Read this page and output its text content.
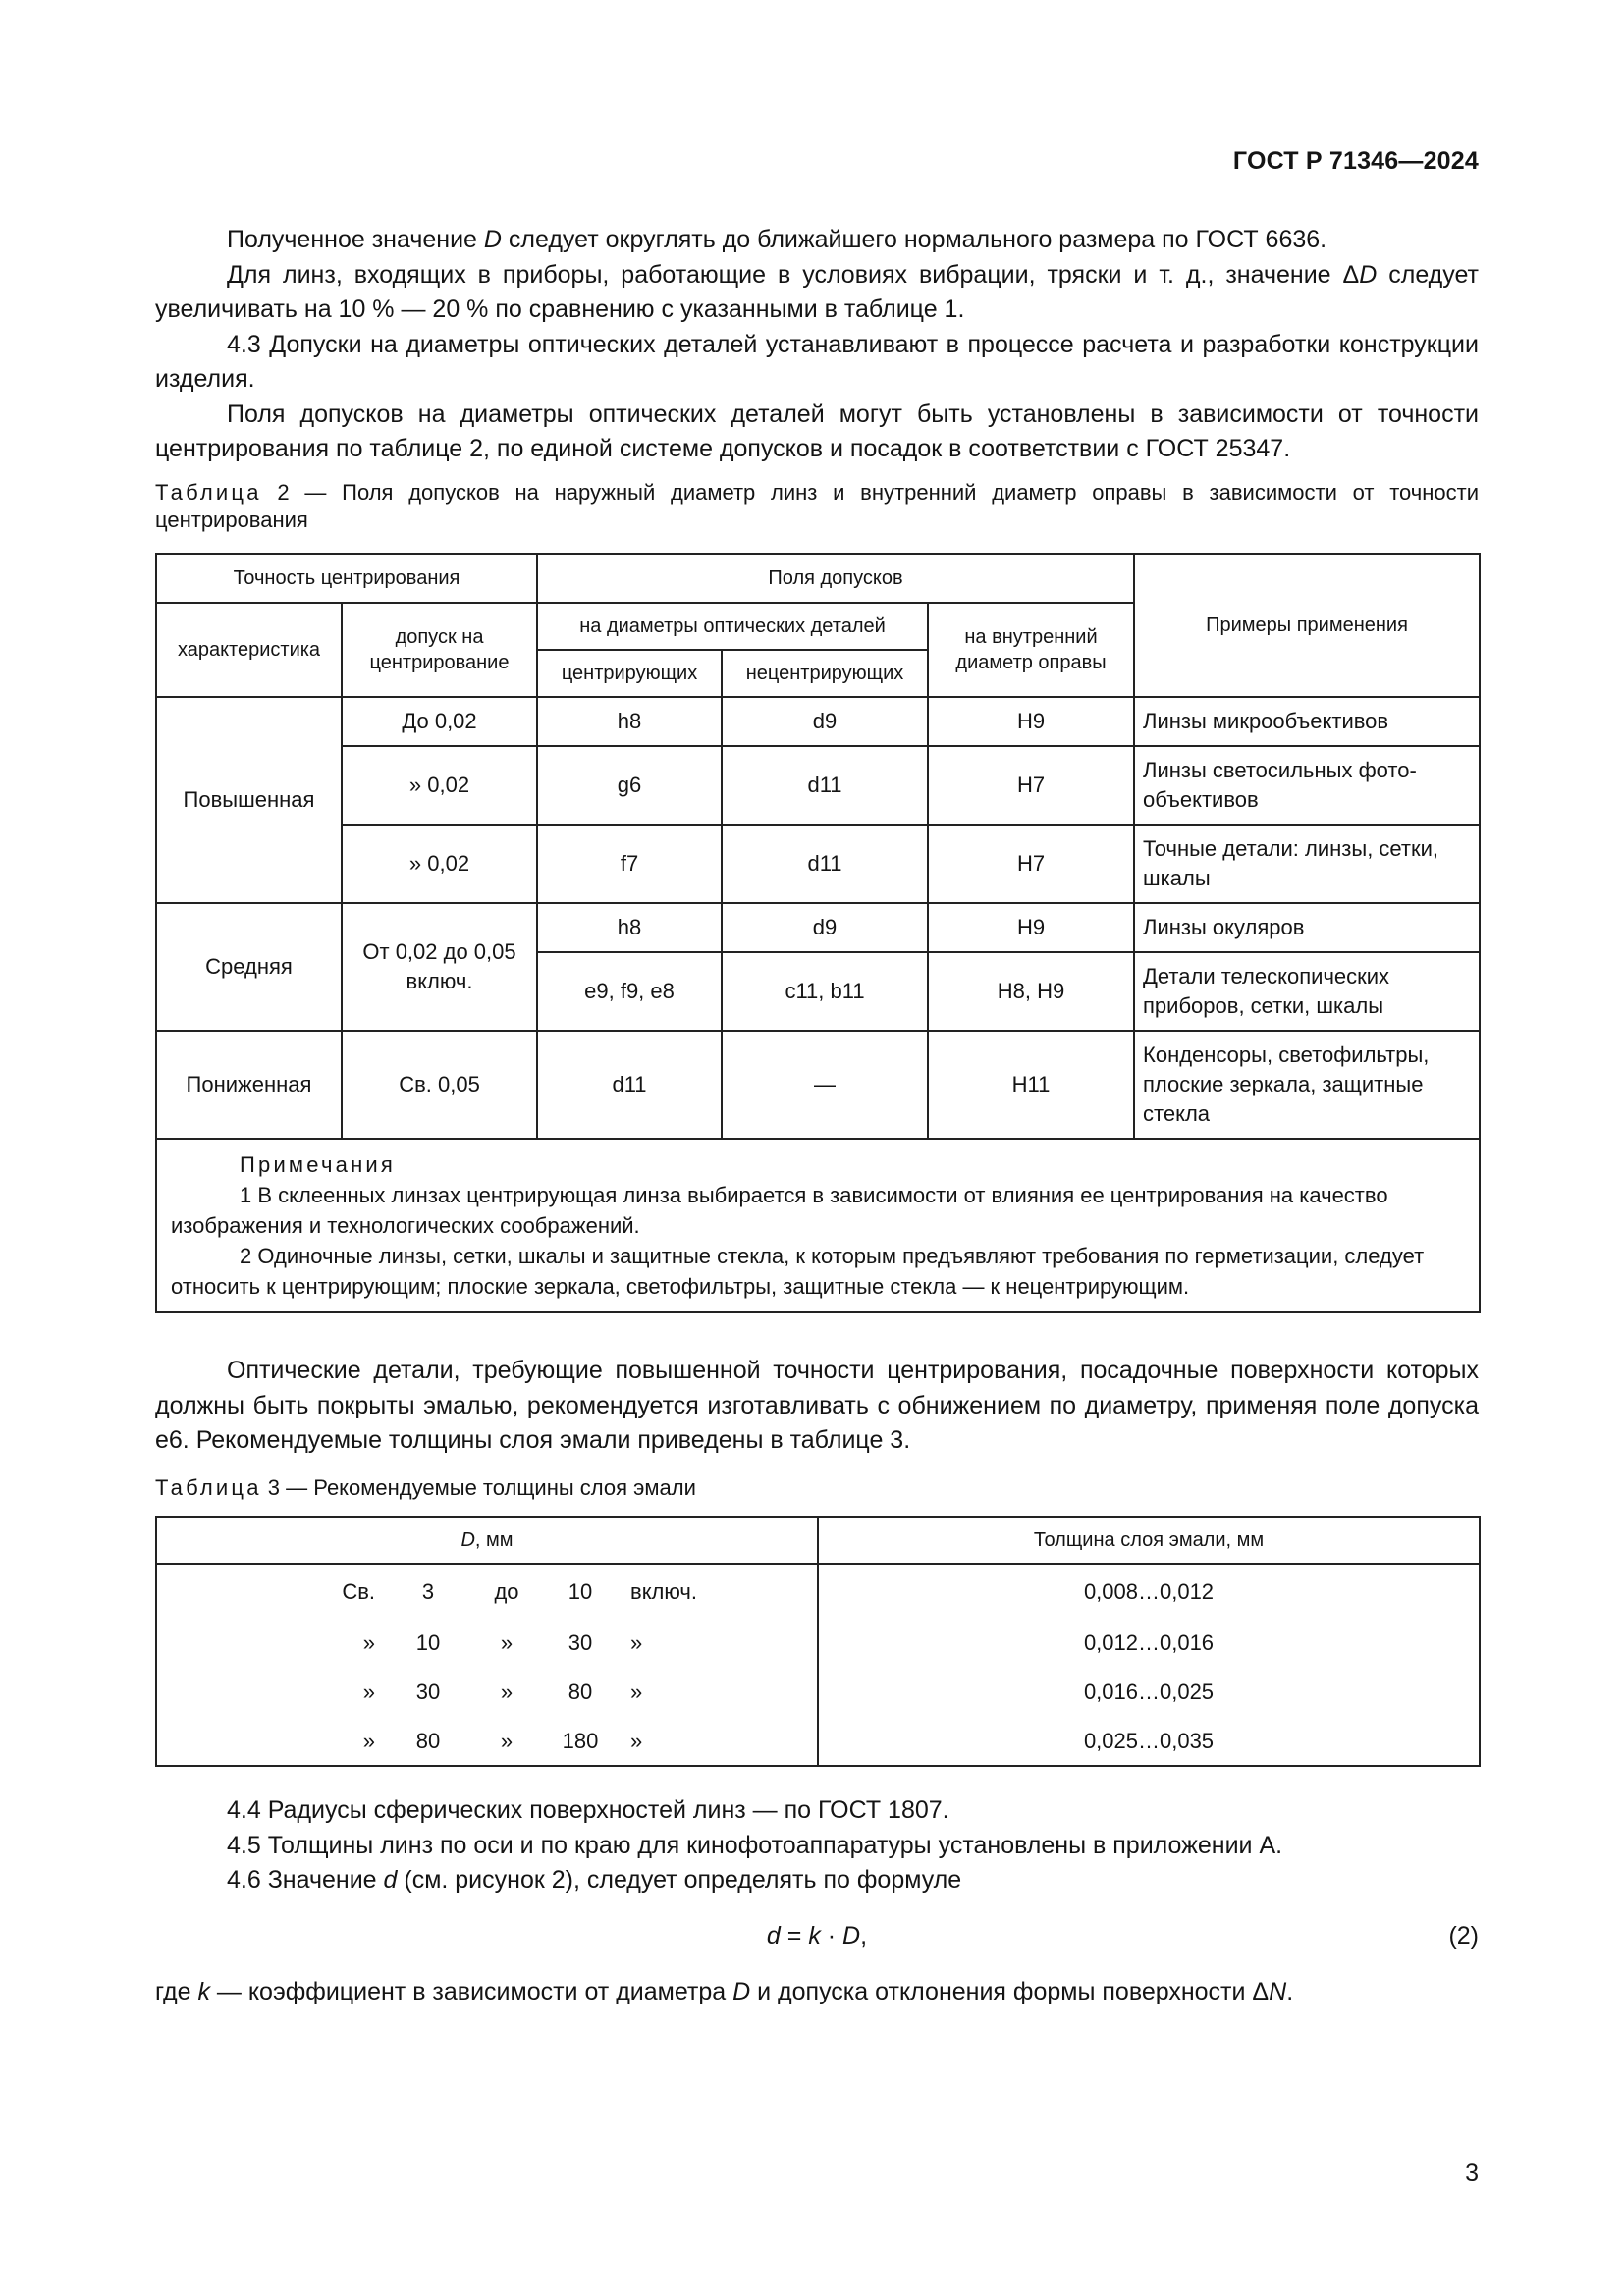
ГОСТ Р 71346—2024

Полученное значение D следует округлять до ближайшего нормального размера по ГОСТ 6636.

Для линз, входящих в приборы, работающие в условиях вибрации, тряски и т. д., значение ΔD следует увеличивать на 10 % — 20 % по сравнению с указанными в таблице 1.

4.3 Допуски на диаметры оптических деталей устанавливают в процессе расчета и разработки конструкции изделия.

Поля допусков на диаметры оптических деталей могут быть установлены в зависимости от точности центрирования по таблице 2, по единой системе допусков и посадок в соответствии с ГОСТ 25347.

Таблица 2 — Поля допусков на наружный диаметр линз и внутренний диаметр оправы в зависимости от точности центрирования

Точность центрирования		Поля допусков			Примеры применения
характеристика	допуск на центрирование	на диаметры оптических деталей		на внутренний диаметр оправы	
		центрирующих	нецентрирующих		
Повышенная	До 0,02	h8	d9	H9	Линзы микрообъективов
	» 0,02	g6	d11	H7	Линзы светосильных фото-объективов
	» 0,02	f7	d11	H7	Точные детали: линзы, сетки, шкалы
Средняя	От 0,02 до 0,05 включ.	h8	d9	H9	Линзы окуляров
		e9, f9, e8	c11, b11	H8, H9	Детали телескопических приборов, сетки, шкалы
Пониженная	Св. 0,05	d11	—	H11	Конденсоры, светофильтры, плоские зеркала, защитные стекла

Примечания

1 В склеенных линзах центрирующая линза выбирается в зависимости от влияния ее центрирования на качество изображения и технологических соображений.

2 Одиночные линзы, сетки, шкалы и защитные стекла, к которым предъявляют требования по герметизации, следует относить к центрирующим; плоские зеркала, светофильтры, защитные стекла — к нецентрирующим.					

Оптические детали, требующие повышенной точности центрирования, посадочные поверхности которых должны быть покрыты эмалью, рекомендуется изготавливать с обнижением по диаметру, применяя поле допуска е6. Рекомендуемые толщины слоя эмали приведены в таблице 3.

Таблица 3 — Рекомендуемые толщины слоя эмали

D, мм	Толщина слоя эмали, мм

Св. 3 до 10 включ.	0,008…0,012

» 10 » 30 »	0,012…0,016

» 30 » 80 »	0,016…0,025

» 80 » 180 »	0,025…0,035

4.4 Радиусы сферических поверхностей линз — по ГОСТ 1807.

4.5 Толщины линз по оси и по краю для кинофотоаппаратуры установлены в приложении А.

4.6 Значение d (см. рисунок 2), следует определять по формуле

d = k · D,	(2)

где k — коэффициент в зависимости от диаметра D и допуска отклонения формы поверхности ΔN.

3
